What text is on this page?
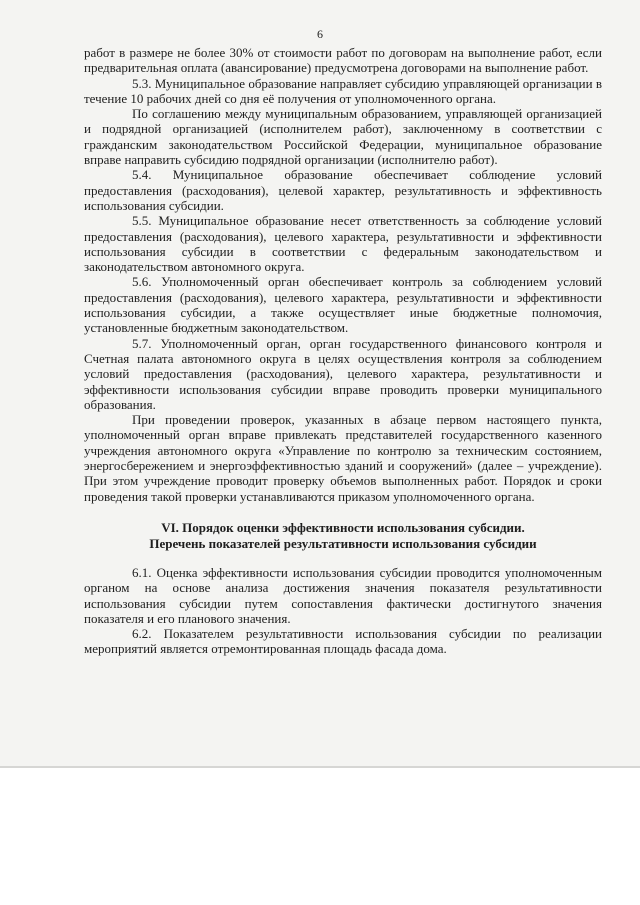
6

работ в размере не более 30% от стоимости работ по договорам на выполнение работ, если предварительная оплата (авансирование) предусмотрена договорами на выполнение работ.

5.3. Муниципальное образование направляет субсидию управляющей организации в течение 10 рабочих дней со дня её получения от уполномоченного органа.

По соглашению между муниципальным образованием, управляющей организацией и подрядной организацией (исполнителем работ), заключенному в соответствии с гражданским законодательством Российской Федерации, муниципальное образование вправе направить субсидию подрядной организации (исполнителю работ).

5.4. Муниципальное образование обеспечивает соблюдение условий предоставления (расходования), целевой характер, результативность и эффективность использования субсидии.

5.5. Муниципальное образование несет ответственность за соблюдение условий предоставления (расходования), целевого характера, результативности и эффективности использования субсидии в соответствии с федеральным законодательством и законодательством автономного округа.

5.6. Уполномоченный орган обеспечивает контроль за соблюдением условий предоставления (расходования), целевого характера, результативности и эффективности использования субсидии, а также осуществляет иные бюджетные полномочия, установленные бюджетным законодательством.

5.7. Уполномоченный орган, орган государственного финансового контроля и Счетная палата автономного округа в целях осуществления контроля за соблюдением условий предоставления (расходования), целевого характера, результативности и эффективности использования субсидии вправе проводить проверки муниципального образования.

При проведении проверок, указанных в абзаце первом настоящего пункта, уполномоченный орган вправе привлекать представителей государственного казенного учреждения автономного округа «Управление по контролю за техническим состоянием, энергосбережением и энергоэффективностью зданий и сооружений» (далее – учреждение). При этом учреждение проводит проверку объемов выполненных работ. Порядок и сроки проведения такой проверки устанавливаются приказом уполномоченного органа.

VI. Порядок оценки эффективности использования субсидии.
Перечень показателей результативности использования субсидии

6.1. Оценка эффективности использования субсидии проводится уполномоченным органом на основе анализа достижения значения показателя результативности использования субсидии путем сопоставления фактически достигнутого значения показателя и его планового значения.

6.2. Показателем результативности использования субсидии по реализации мероприятий является отремонтированная площадь фасада дома.
